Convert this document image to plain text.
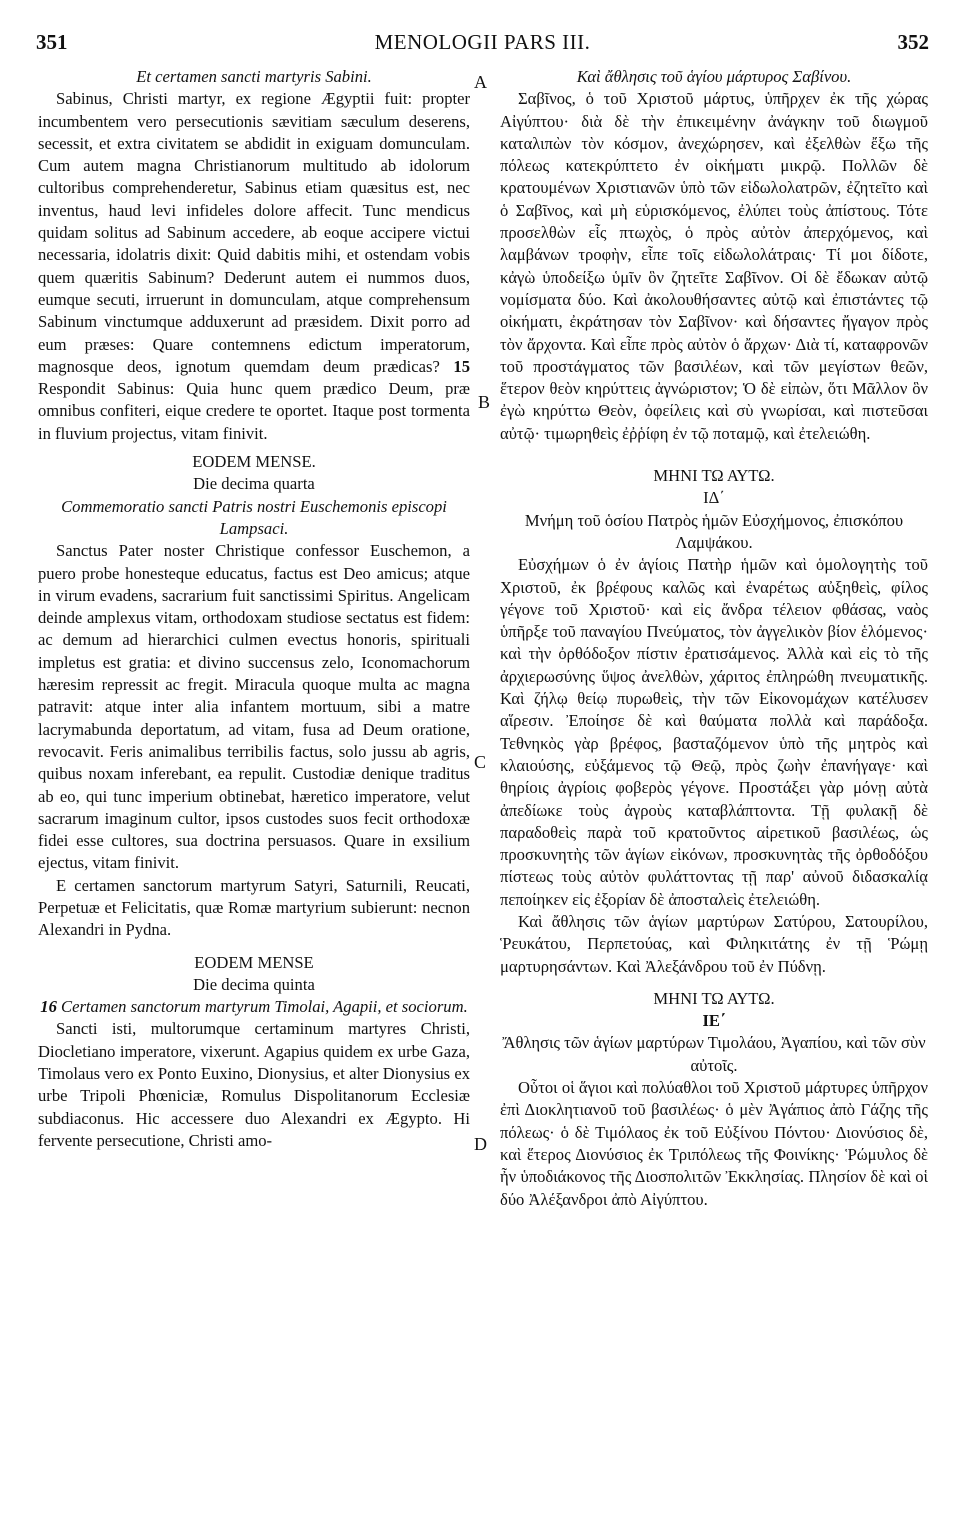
351	MENOLOGII PARS III.	352
A
B
C
D

Et certamen sancti martyris Sabini.

Sabinus, Christi martyr, ex regione Ægyptii fuit: propter incumbentem vero persecutionis sævitiam sæculum deserens, secessit, et extra civitatem se abdidit in exiguam domunculam. Cum autem magna Christianorum multitudo ab idolorum cultoribus comprehenderetur, Sabinus etiam quæsitus est, nec inventus, haud levi infideles dolore affecit. Tunc mendicus quidam solitus ad Sabinum accedere, ab eoque accipere victui necessaria, idolatris dixit: Quid dabitis mihi, et ostendam vobis quem quæritis Sabinum? Dederunt autem ei nummos duos, eumque secuti, irruerunt in domunculam, atque comprehensum Sabinum vinctumque adduxerunt ad præsidem. Dixit porro ad eum præses: Quare contemnens edictum imperatorum, magnosque deos, ignotum quemdam deum prædicas? 15 Respondit Sabinus: Quia hunc quem prædico Deum, præ omnibus confiteri, eique credere te oportet. Itaque post tormenta in fluvium projectus, vitam finivit.

EODEM MENSE.

Die decima quarta

Commemoratio sancti Patris nostri Euschemonis episcopi Lampsaci.

Sanctus Pater noster Christique confessor Euschemon, a puero probe honesteque educatus, factus est Deo amicus; atque in virum evadens, sacrarium fuit sanctissimi Spiritus. Angelicam deinde amplexus vitam, orthodoxam studiose sectatus est fidem: ac demum ad hierarchici culmen evectus honoris, spirituali impletus est gratia: et divino succensus zelo, Iconomachorum hæresim repressit ac fregit. Miracula quoque multa ac magna patravit: atque inter alia infantem mortuum, sibi a matre lacrymabunda deportatum, ad vitam, fusa ad Deum oratione, revocavit. Feris animalibus terribilis factus, solo jussu ab agris, quibus noxam inferebant, ea repulit. Custodiæ denique traditus ab eo, qui tunc imperium obtinebat, hæretico imperatore, velut sacrarum imaginum cultor, ipsos custodes suos fecit orthodoxæ fidei esse cultores, sua doctrina persuasos. Quare in exsilium ejectus, vitam finivit.

E certamen sanctorum martyrum Satyri, Saturnili, Reucati, Perpetuæ et Felicitatis, quæ Romæ martyrium subierunt: necnon Alexandri in Pydna.

EODEM MENSE

Die decima quinta

16 Certamen sanctorum martyrum Timolai, Agapii, et sociorum.

Sancti isti, multorumque certaminum martyres Christi, Diocletiano imperatore, vixerunt. Agapius quidem ex urbe Gaza, Timolaus vero ex Ponto Euxino, Dionysius, et alter Dionysius ex urbe Tripoli Phœniciæ, Romulus Dispolitanorum Ecclesiæ subdiaconus. Hic accessere duo Alexandri ex Ægypto. Hi fervente persecutione, Christi amo-

Καὶ ἄθλησις τοῦ ἁγίου μάρτυρος Σαβίνου.

Σαβῖνος, ὁ τοῦ Χριστοῦ μάρτυς, ὑπῆρχεν ἐκ τῆς χώρας Αἰγύπτου· διὰ δὲ τὴν ἐπικειμένην ἀνάγκην τοῦ διωγμοῦ καταλιπὼν τὸν κόσμον, ἀνεχώρησεν, καὶ ἐξελθὼν ἔξω τῆς πόλεως κατεκρύπτετο ἐν οἰκήματι μικρῷ. Πολλῶν δὲ κρατουμένων Χριστιανῶν ὑπὸ τῶν εἰδωλολατρῶν, ἐζητεῖτο καὶ ὁ Σαβῖνος, καὶ μὴ εὑρισκόμενος, ἐλύπει τοὺς ἀπίστους. Τότε προσελθὼν εἷς πτωχὸς, ὁ πρὸς αὐτὸν ἀπερχόμενος, καὶ λαμβάνων τροφὴν, εἶπε τοῖς εἰδωλολάτραις· Τί μοι δίδοτε, κἀγὼ ὑποδείξω ὑμῖν ὃν ζητεῖτε Σαβῖνον. Οἱ δὲ ἔδωκαν αὐτῷ νομίσματα δύο. Καὶ ἀκολουθήσαντες αὐτῷ καὶ ἐπιστάντες τῷ οἰκήματι, ἐκράτησαν τὸν Σαβῖνον· καὶ δήσαντες ἤγαγον πρὸς τὸν ἄρχοντα. Καὶ εἶπε πρὸς αὐτὸν ὁ ἄρχων· Διὰ τί, καταφρονῶν τοῦ προστάγματος τῶν βασιλέων, καὶ τῶν μεγίστων θεῶν, ἕτερον θεὸν κηρύττεις ἀγνώριστον; Ὁ δὲ εἰπὼν, ὅτι Μᾶλλον ὃν ἐγὼ κηρύττω Θεὸν, ὀφείλεις καὶ σὺ γνωρίσαι, καὶ πιστεῦσαι αὐτῷ· τιμωρηθεὶς ἐῤῥίφη ἐν τῷ ποταμῷ, καὶ ἐτελειώθη.

ΜΗΝΙ ΤΩ ΑΥΤΩ.

ΙΔ΄

Μνήμη τοῦ ὁσίου Πατρὸς ἡμῶν Εὐσχήμονος, ἐπισκόπου Λαμψάκου.

Εὐσχήμων ὁ ἐν ἁγίοις Πατὴρ ἡμῶν καὶ ὁμολογητὴς τοῦ Χριστοῦ, ἐκ βρέφους καλῶς καὶ ἐναρέτως αὐξηθεὶς, φίλος γέγονε τοῦ Χριστοῦ· καὶ εἰς ἄνδρα τέλειον φθάσας, ναὸς ὑπῆρξε τοῦ παναγίου Πνεύματος, τὸν ἀγγελικὸν βίον ἑλόμενος· καὶ τὴν ὀρθόδοξον πίστιν ἐρατισάμενος. Ἀλλὰ καὶ εἰς τὸ τῆς ἀρχιερωσύνης ὕψος ἀνελθὼν, χάριτος ἐπληρώθη πνευματικῆς. Καὶ ζήλῳ θείῳ πυρωθεὶς, τὴν τῶν Εἰκονομάχων κατέλυσεν αἵρεσιν. Ἐποίησε δὲ καὶ θαύματα πολλὰ καὶ παράδοξα. Τεθνηκὸς γὰρ βρέφος, βασταζόμενον ὑπὸ τῆς μητρὸς καὶ κλαιούσης, εὐξάμενος τῷ Θεῷ, πρὸς ζωὴν ἐπανήγαγε· καὶ θηρίοις ἀγρίοις φοβερὸς γέγονε. Προστάξει γὰρ μόνῃ αὐτὰ ἀπεδίωκε τοὺς ἀγροὺς καταβλάπτοντα. Τῇ φυλακῇ δὲ παραδοθεὶς παρὰ τοῦ κρατοῦντος αἱρετικοῦ βασιλέως, ὡς προσκυνητὴς τῶν ἁγίων εἰκόνων, προσκυνητὰς τῆς ὀρθοδόξου πίστεως τοὺς αὐτὸν φυλάττοντας τῇ παρ' αὐνοῦ διδασκαλίᾳ πεποίηκεν εἰς ἐξορίαν δὲ ἀποσταλεὶς ἐτελειώθη.

Καὶ ἄθλησις τῶν ἁγίων μαρτύρων Σατύρου, Σατουρίλου, Ῥευκάτου, Περπετούας, καὶ Φιληκιτάτης ἐν τῇ Ῥώμῃ μαρτυρησάντων. Καὶ Ἀλεξάνδρου τοῦ ἐν Πύδνῃ.

ΜΗΝΙ ΤΩ ΑΥΤΩ.

ΙΕ΄

Ἄθλησις τῶν ἁγίων μαρτύρων Τιμολάου, Ἀγαπίου, καὶ τῶν σὺν αὐτοῖς.

Οὗτοι οἱ ἅγιοι καὶ πολύαθλοι τοῦ Χριστοῦ μάρτυρες ὑπῆρχον ἐπὶ Διοκλητιανοῦ τοῦ βασιλέως· ὁ μὲν Ἀγάπιος ἀπὸ Γάζης τῆς πόλεως· ὁ δὲ Τιμόλαος ἐκ τοῦ Εὐξίνου Πόντου· Διονύσιος δὲ, καὶ ἕτερος Διονύσιος ἐκ Τριπόλεως τῆς Φοινίκης· Ῥώμυλος δὲ ἦν ὑποδιάκονος τῆς Διοσπολιτῶν Ἐκκλησίας. Πλησίον δὲ καὶ οἱ δύο Ἀλέξανδροι ἀπὸ Αἰγύπτου.
